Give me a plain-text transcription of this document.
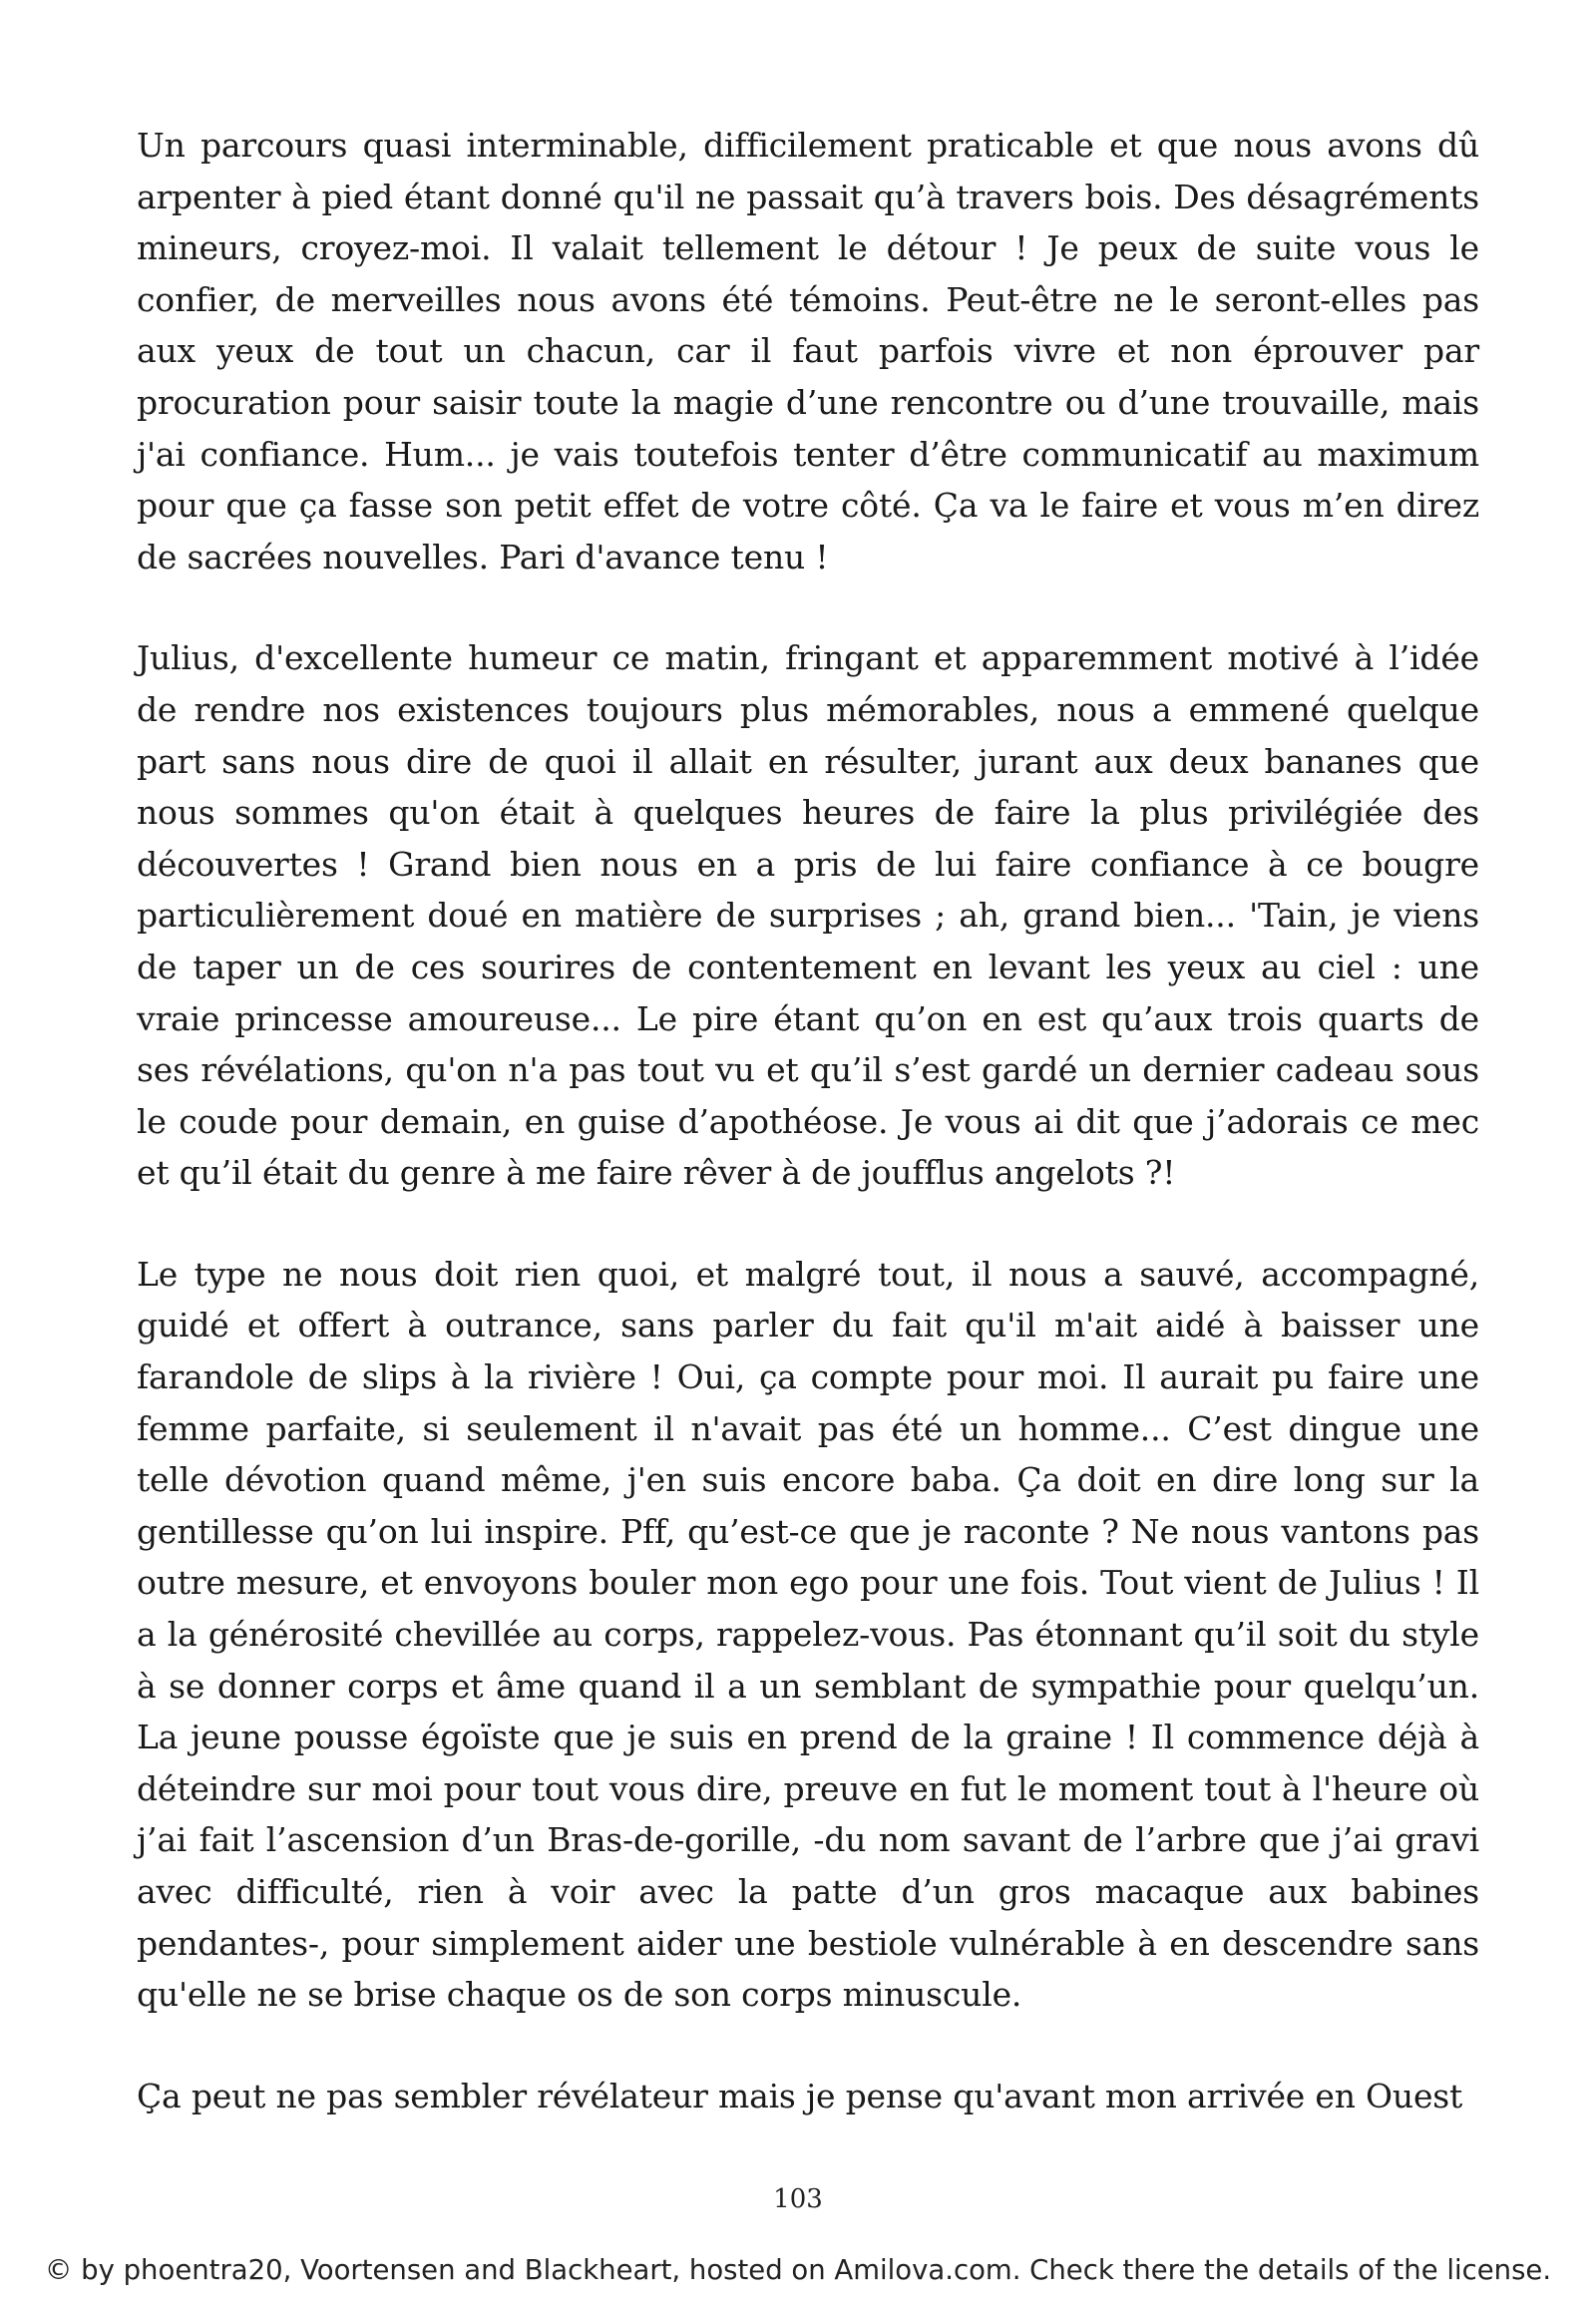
Un parcours quasi interminable, difficilement praticable et que nous avons dû arpenter à pied étant donné qu'il ne passait qu’à travers bois. Des désagréments mineurs, croyez-moi. Il valait tellement le détour ! Je peux de suite vous le confier, de merveilles nous avons été témoins. Peut-être ne le seront-elles pas aux yeux de tout un chacun, car il faut parfois vivre et non éprouver par procuration pour saisir toute la magie d’une rencontre ou d’une trouvaille, mais j'ai confiance. Hum... je vais toutefois tenter d’être communicatif au maximum pour que ça fasse son petit effet de votre côté. Ça va le faire et vous m’en direz de sacrées nouvelles. Pari d'avance tenu !

Julius, d'excellente humeur ce matin, fringant et apparemment motivé à l’idée de rendre nos existences toujours plus mémorables, nous a emmené quelque part sans nous dire de quoi il allait en résulter, jurant aux deux bananes que nous sommes qu'on était à quelques heures de faire la plus privilégiée des découvertes ! Grand bien nous en a pris de lui faire confiance à ce bougre particulièrement doué en matière de surprises ; ah, grand bien... 'Tain, je viens de taper un de ces sourires de contentement en levant les yeux au ciel : une vraie princesse amoureuse... Le pire étant qu’on en est qu’aux trois quarts de ses révélations, qu'on n'a pas tout vu et qu’il s’est gardé un dernier cadeau sous le coude pour demain, en guise d’apothéose. Je vous ai dit que j’adorais ce mec et qu’il était du genre à me faire rêver à de joufflus angelots ?!

Le type ne nous doit rien quoi, et malgré tout, il nous a sauvé, accompagné, guidé et offert à outrance, sans parler du fait qu'il m'ait aidé à baisser une farandole de slips à la rivière ! Oui, ça compte pour moi. Il aurait pu faire une femme parfaite, si seulement il n'avait pas été un homme... C’est dingue une telle dévotion quand même, j'en suis encore baba. Ça doit en dire long sur la gentillesse qu’on lui inspire. Pff, qu’est-ce que je raconte ? Ne nous vantons pas outre mesure, et envoyons bouler mon ego pour une fois. Tout vient de Julius ! Il a la générosité chevillée au corps, rappelez-vous. Pas étonnant qu’il soit du style à se donner corps et âme quand il a un semblant de sympathie pour quelqu’un. La jeune pousse égoïste que je suis en prend de la graine ! Il commence déjà à déteindre sur moi pour tout vous dire, preuve en fut le moment tout à l'heure où j’ai fait l’ascension d’un Bras-de-gorille, -du nom savant de l’arbre que j’ai gravi avec difficulté, rien à voir avec la patte d’un gros macaque aux babines pendantes-, pour simplement aider une bestiole vulnérable à en descendre sans qu'elle ne se brise chaque os de son corps minuscule.

Ça peut ne pas sembler révélateur mais je pense qu'avant mon arrivée en Ouest

103
© by phoentra20, Voortensen and Blackheart, hosted on Amilova.com. Check there the details of the license.
